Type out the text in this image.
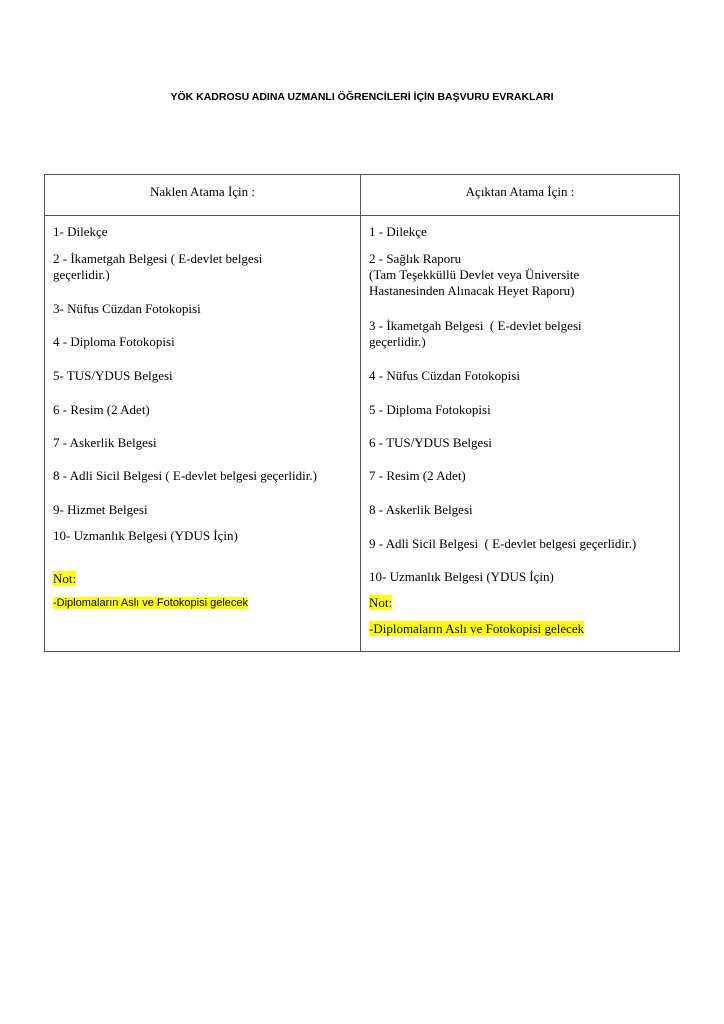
YÖK KADROSU ADINA UZMANLI ÖĞRENCİLERİ İÇİN BAŞVURU EVRAKLARI
Naklen Atama İçin :	Açıktan Atama İçin :
1- Dilekçe
2 - İkametgah Belgesi ( E-devlet belgesi
geçerlidir.)
3- Nüfus Cüzdan Fotokopisi
4 - Diploma Fotokopisi
5- TUS/YDUS Belgesi
6 - Resim (2 Adet)
7 - Askerlik Belgesi
8 - Adli Sicil Belgesi ( E-devlet belgesi geçerlidir.)
9- Hizmet Belgesi
10- Uzmanlık Belgesi (YDUS İçin)
Not:
-Diplomaların Aslı ve Fotokopisi gelecek
1 - Dilekçe
2 - Sağlık Raporu
(Tam Teşekküllü Devlet veya Üniversite
Hastanesinden Alınacak Heyet Raporu)
3 - İkametgah Belgesi  ( E-devlet belgesi
geçerlidir.)
4 - Nüfus Cüzdan Fotokopisi
5 - Diploma Fotokopisi
6 - TUS/YDUS Belgesi
7 - Resim (2 Adet)
8 - Askerlik Belgesi
9 - Adli Sicil Belgesi  ( E-devlet belgesi geçerlidir.)
10- Uzmanlık Belgesi (YDUS İçin)
Not:
-Diplomaların Aslı ve Fotokopisi gelecek
